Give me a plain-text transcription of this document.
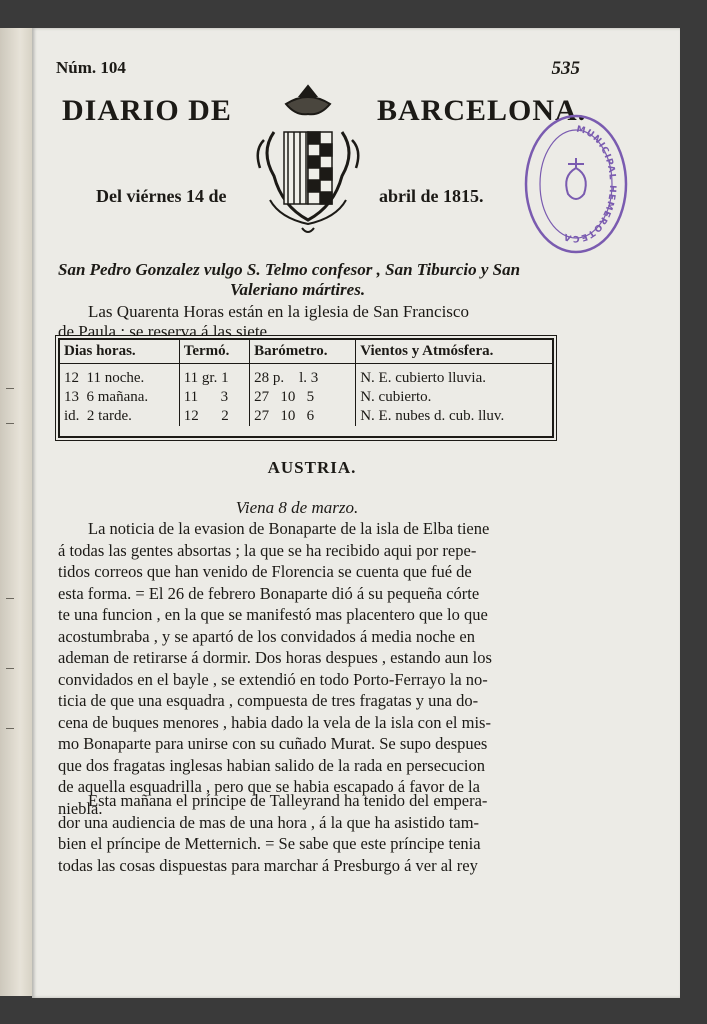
Núm. 104	535
DIARIO DE	BARCELONA.
Del viérnes 14 de	abril de 1815.
MUNICIPAL HEMEROTECA
San Pedro Gonzalez vulgo S. Telmo confesor , San Tiburcio y San
Valeriano mártires.
Las Quarenta Horas están en la iglesia de San Francisco
de Paula : se reserva á las siete.
Dias horas.	Termó.	Barómetro.	Vientos y Atmósfera.
12  11 noche.	11 gr. 1	28 p.    l. 3	N. E. cubierto lluvia.
13  6 mañana.	11      3	27   10   5	N. cubierto.
id.  2 tarde.	12      2	27   10   6	N. E. nubes d. cub. lluv.
AUSTRIA.
Viena 8 de marzo.
La noticia de la evasion de Bonaparte de la isla de Elba tiene
á todas las gentes absortas ; la que se ha recibido aqui por repe-
tidos correos que han venido de Florencia se cuenta que fué de
esta forma. = El 26 de febrero Bonaparte dió á su pequeña córte
te una funcion , en la que se manifestó mas placentero que lo que
acostumbraba , y se apartó de los convidados á media noche en
ademan de retirarse á dormir. Dos horas despues , estando aun los
convidados en el bayle , se extendió en todo Porto-Ferrayo la no-
ticia de que una esquadra , compuesta de tres fragatas y una do-
cena de buques menores , habia dado la vela de la isla con el mis-
mo Bonaparte para unirse con su cuñado Murat. Se supo despues
que dos fragatas inglesas habian salido de la rada en persecucion
de aquella esquadrilla , pero que se habia escapado á favor de la
niebla.
Esta mañana el príncipe de Talleyrand ha tenido del empera-
dor una audiencia de mas de una hora , á la que ha asistido tam-
bien el príncipe de Metternich. = Se sabe que este príncipe tenia
todas las cosas dispuestas para marchar á Presburgo á ver al rey
